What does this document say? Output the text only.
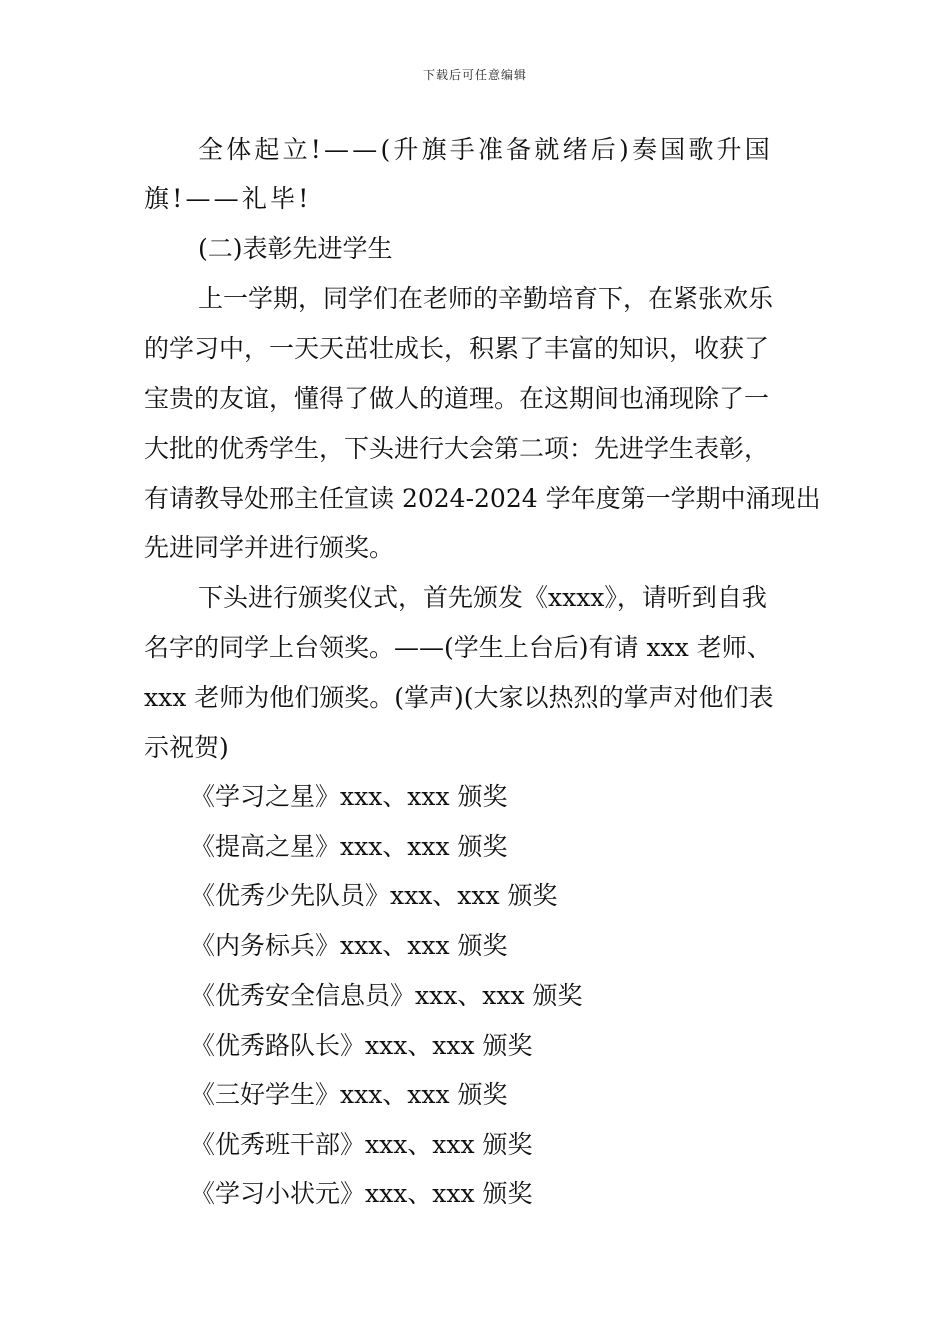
下载后可任意编辑
全体起立!——(升旗手准备就绪后)奏国歌升国
旗!——礼毕!
(二)表彰先进学生
上一学期，同学们在老师的辛勤培育下，在紧张欢乐
的学习中，一天天茁壮成长，积累了丰富的知识，收获了
宝贵的友谊，懂得了做人的道理。在这期间也涌现除了一
大批的优秀学生，下头进行大会第二项：先进学生表彰，
有请教导处邢主任宣读 2024-2024 学年度第一学期中涌现出
先进同学并进行颁奖。
下头进行颁奖仪式，首先颁发《xxxx》，请听到自我
名字的同学上台领奖。——(学生上台后)有请 xxx 老师、
xxx 老师为他们颁奖。(掌声)(大家以热烈的掌声对他们表
示祝贺)
《学习之星》xxx、xxx 颁奖
《提高之星》xxx、xxx 颁奖
《优秀少先队员》xxx、xxx 颁奖
《内务标兵》xxx、xxx 颁奖
《优秀安全信息员》xxx、xxx 颁奖
《优秀路队长》xxx、xxx 颁奖
《三好学生》xxx、xxx 颁奖
《优秀班干部》xxx、xxx 颁奖
《学习小状元》xxx、xxx 颁奖
